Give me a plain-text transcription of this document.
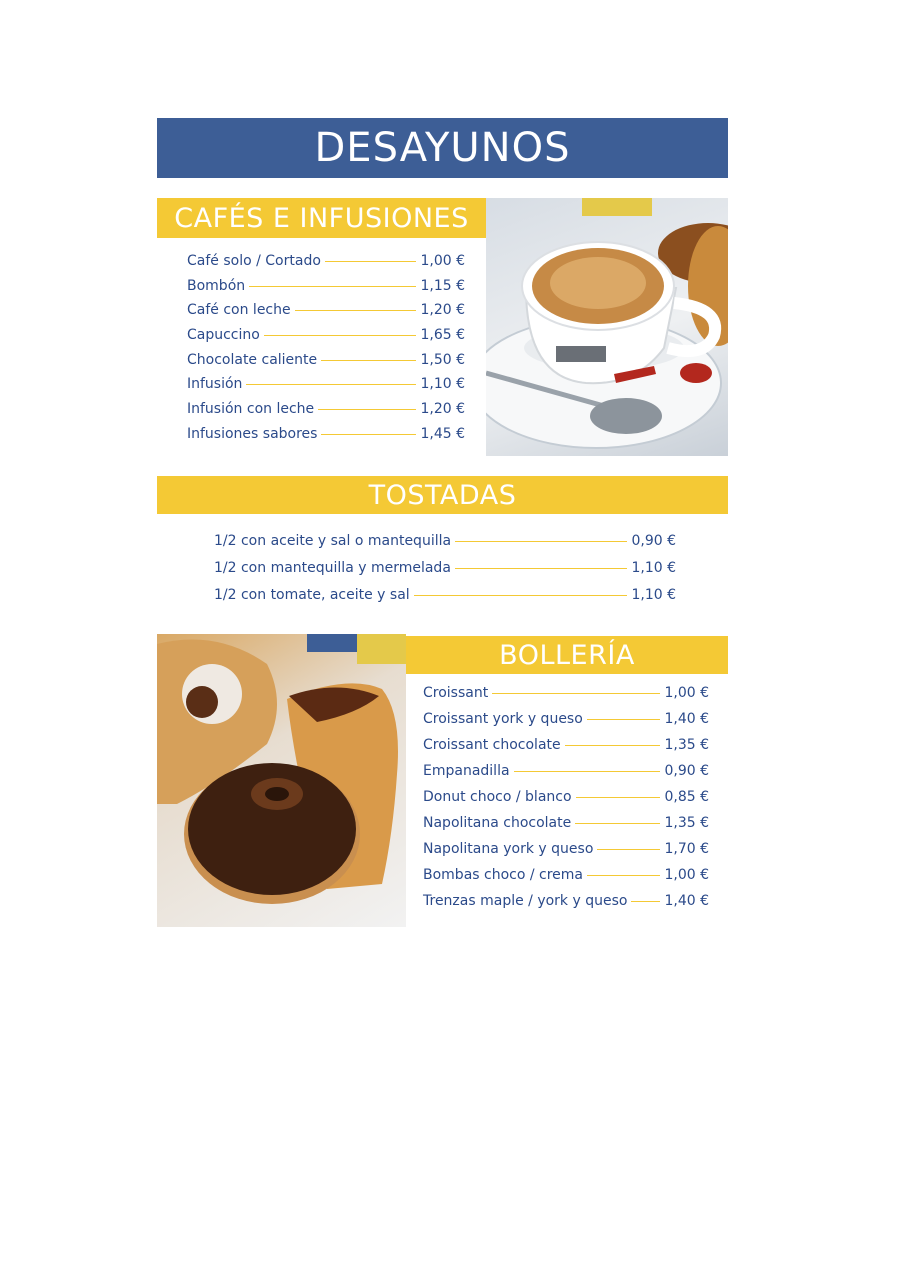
DESAYUNOS
CAFÉS E INFUSIONES
Café solo / Cortado	1,00 €
Bombón	1,15 €
Café con leche	1,20 €
Capuccino	1,65 €
Chocolate caliente	1,50 €
Infusión	1,10 €
Infusión con leche	1,20 €
Infusiones sabores	1,45 €
TOSTADAS
1/2 con aceite y sal o mantequilla	0,90 €
1/2 con mantequilla y mermelada	1,10 €
1/2 con tomate, aceite y sal	1,10 €
BOLLERÍA
Croissant	1,00 €
Croissant york y queso	1,40 €
Croissant chocolate	1,35 €
Empanadilla	0,90 €
Donut choco / blanco	0,85 €
Napolitana chocolate	1,35 €
Napolitana york y queso	1,70 €
Bombas choco / crema	1,00 €
Trenzas maple / york y queso	1,40 €
